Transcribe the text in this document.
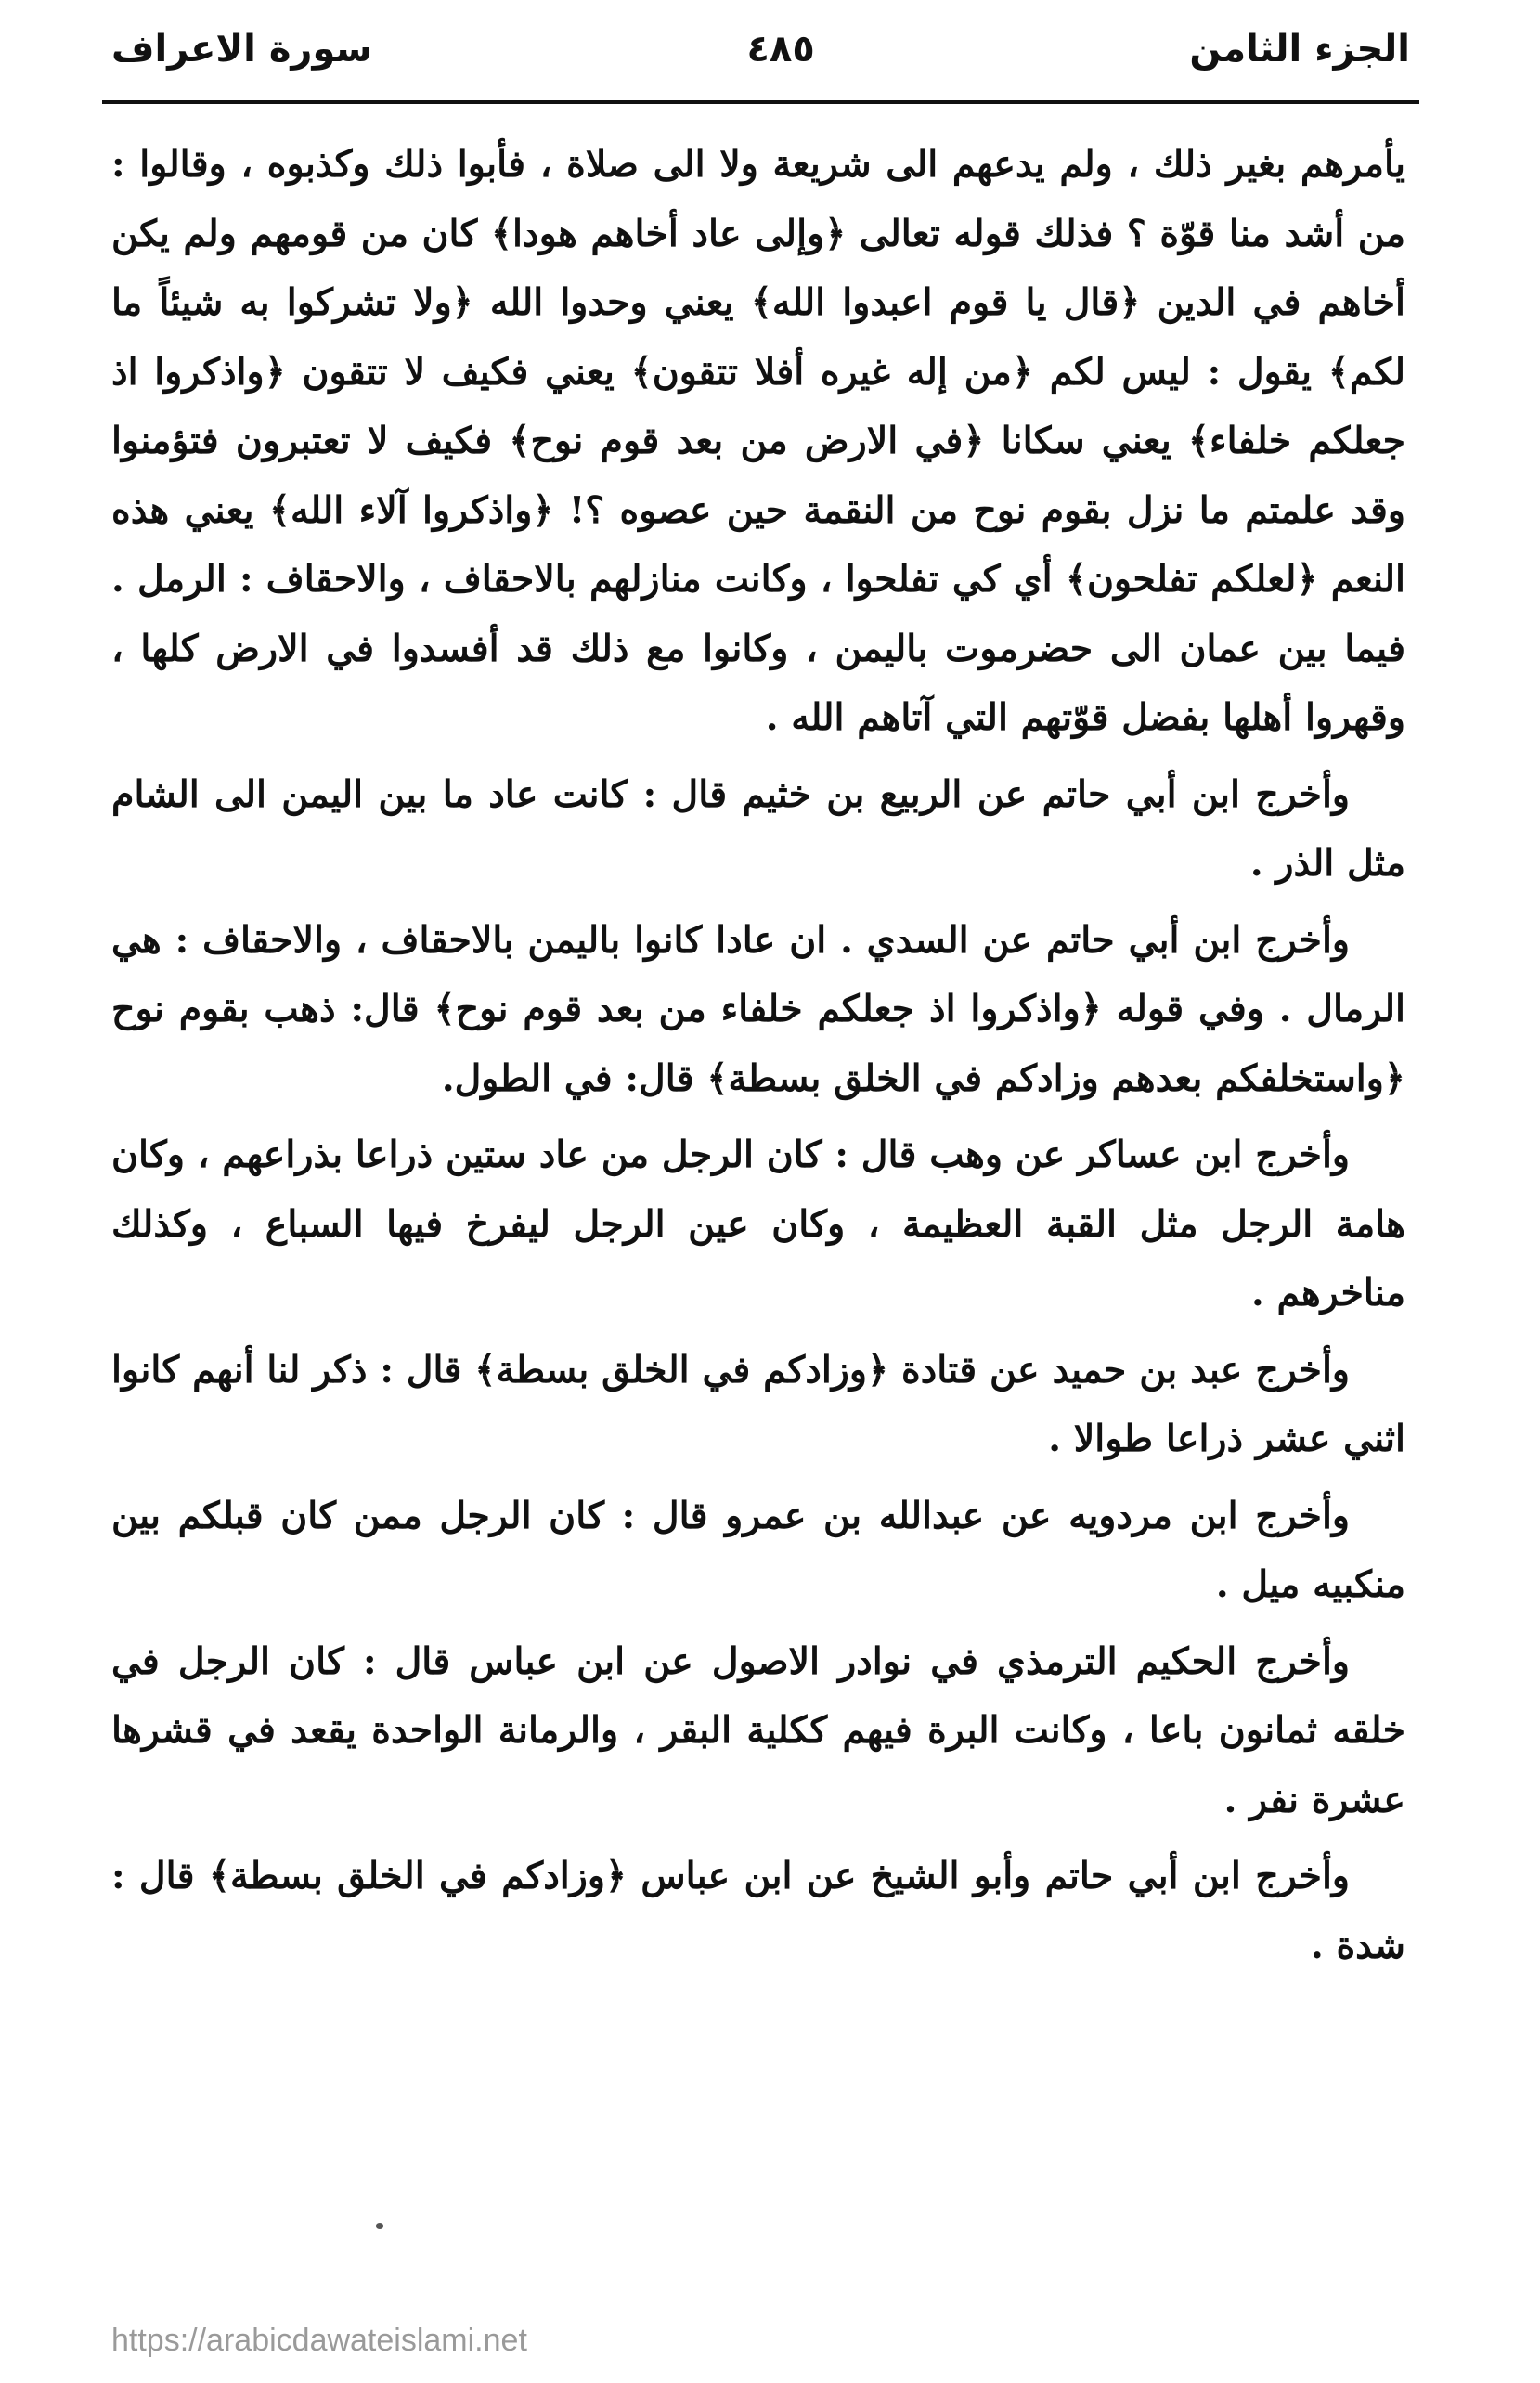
الجزء الثامن
٤٨٥
سورة الاعراف

يأمرهم بغير ذلك ، ولم يدعهم الى شريعة ولا الى صلاة ، فأبوا ذلك وكذبوه ، وقالوا : من أشد منا قوّة ؟ فذلك قوله تعالى ﴿وإلى عاد أخاهم هودا﴾ كان من قومهم ولم يكن أخاهم في الدين ﴿قال يا قوم اعبدوا الله﴾ يعني وحدوا الله ﴿ولا تشركوا به شيئاً ما لكم﴾ يقول : ليس لكم ﴿من إله غيره أفلا تتقون﴾ يعني فكيف لا تتقون ﴿واذكروا اذ جعلكم خلفاء﴾ يعني سكانا ﴿في الارض من بعد قوم نوح﴾ فكيف لا تعتبرون فتؤمنوا وقد علمتم ما نزل بقوم نوح من النقمة حين عصوه ؟! ﴿واذكروا آلاء الله﴾ يعني هذه النعم ﴿لعلكم تفلحون﴾ أي كي تفلحوا ، وكانت منازلهم بالاحقاف ، والاحقاف : الرمل . فيما بين عمان الى حضرموت باليمن ، وكانوا مع ذلك قد أفسدوا في الارض كلها ، وقهروا أهلها بفضل قوّتهم التي آتاهم الله .

وأخرج ابن أبي حاتم عن الربيع بن خثيم قال : كانت عاد ما بين اليمن الى الشام مثل الذر .

وأخرج ابن أبي حاتم عن السدي . ان عادا كانوا باليمن بالاحقاف ، والاحقاف : هي الرمال . وفي قوله ﴿واذكروا اذ جعلكم خلفاء من بعد قوم نوح﴾ قال: ذهب بقوم نوح ﴿واستخلفكم بعدهم وزادكم في الخلق بسطة﴾ قال: في الطول.

وأخرج ابن عساكر عن وهب قال : كان الرجل من عاد ستين ذراعا بذراعهم ، وكان هامة الرجل مثل القبة العظيمة ، وكان عين الرجل ليفرخ فيها السباع ، وكذلك مناخرهم .

وأخرج عبد بن حميد عن قتادة ﴿وزادكم في الخلق بسطة﴾ قال : ذكر لنا أنهم كانوا اثني عشر ذراعا طوالا .

وأخرج ابن مردويه عن عبدالله بن عمرو قال : كان الرجل ممن كان قبلكم بين منكبيه ميل .

وأخرج الحكيم الترمذي في نوادر الاصول عن ابن عباس قال : كان الرجل في خلقه ثمانون باعا ، وكانت البرة فيهم ككلية البقر ، والرمانة الواحدة يقعد في قشرها عشرة نفر .

وأخرج ابن أبي حاتم وأبو الشيخ عن ابن عباس ﴿وزادكم في الخلق بسطة﴾ قال : شدة .

https://arabicdawateislami.net
